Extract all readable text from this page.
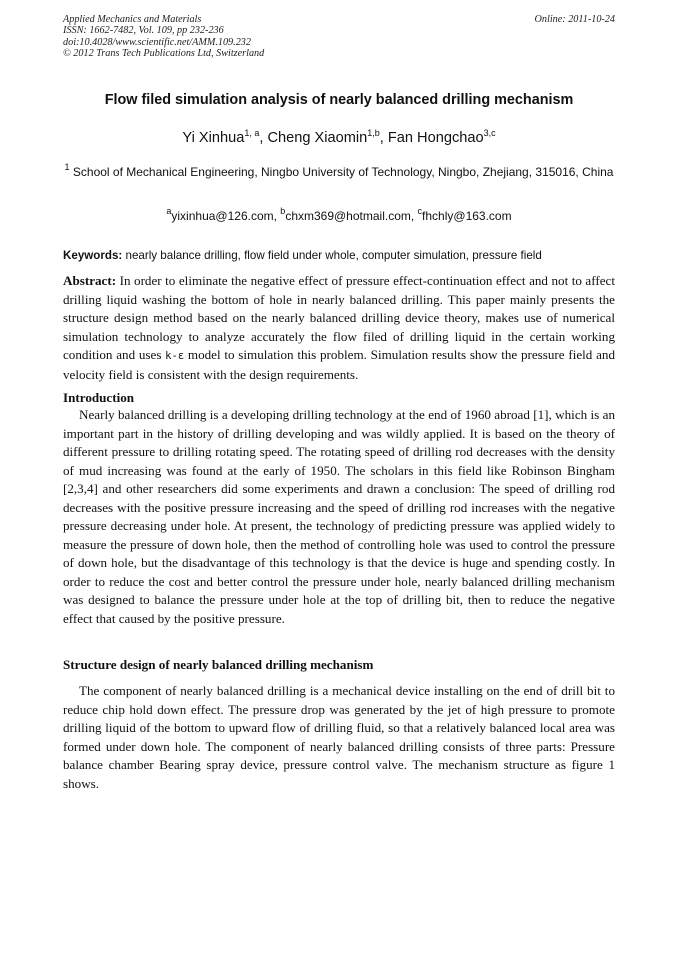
Applied Mechanics and Materials	Online: 2011-10-24
ISSN: 1662-7482, Vol. 109, pp 232-236
doi:10.4028/www.scientific.net/AMM.109.232
© 2012 Trans Tech Publications Ltd, Switzerland
Flow filed simulation analysis of nearly balanced drilling mechanism
Yi Xinhua$^{1, a}$, Cheng Xiaomin$^{1,b}$, Fan Hongchao$^{3,c}$
$^1$ School of Mechanical Engineering, Ningbo University of Technology, Ningbo, Zhejiang, 315016, China
$^a$yixinhua@126.com, $^b$chxm369@hotmail.com, $^c$fhchly@163.com
Keywords: nearly balance drilling, flow field under whole, computer simulation, pressure field
Abstract: In order to eliminate the negative effect of pressure effect-continuation effect and not to affect drilling liquid washing the bottom of hole in nearly balanced drilling. This paper mainly presents the structure design method based on the nearly balanced drilling device theory, makes use of numerical simulation technology to analyze accurately the flow filed of drilling liquid in the certain working condition and uses k-ε model to simulation this problem. Simulation results show the pressure field and velocity field is consistent with the design requirements.
Introduction
Nearly balanced drilling is a developing drilling technology at the end of 1960 abroad [1], which is an important part in the history of drilling developing and was wildly applied. It is based on the theory of different pressure to drilling rotating speed. The rotating speed of drilling rod decreases with the density of mud increasing was found at the early of 1950. The scholars in this field like Robinson Bingham [2,3,4] and other researchers did some experiments and drawn a conclusion: The speed of drilling rod decreases with the positive pressure increasing and the speed of drilling rod increases with the negative pressure decreasing under hole. At present, the technology of predicting pressure was applied widely to measure the pressure of down hole, then the method of controlling hole was used to control the pressure of down hole, but the disadvantage of this technology is that the device is huge and spending costly. In order to reduce the cost and better control the pressure under hole, nearly balanced drilling mechanism was designed to balance the pressure under hole at the top of drilling bit, then to reduce the negative effect that caused by the positive pressure.
Structure design of nearly balanced drilling mechanism
The component of nearly balanced drilling is a mechanical device installing on the end of drill bit to reduce chip hold down effect. The pressure drop was generated by the jet of high pressure to promote drilling liquid of the bottom to upward flow of drilling fluid, so that a relatively balanced local area was formed under down hole. The component of nearly balanced drilling consists of three parts: Pressure balance chamber Bearing spray device, pressure control valve. The mechanism structure as figure 1 shows.
